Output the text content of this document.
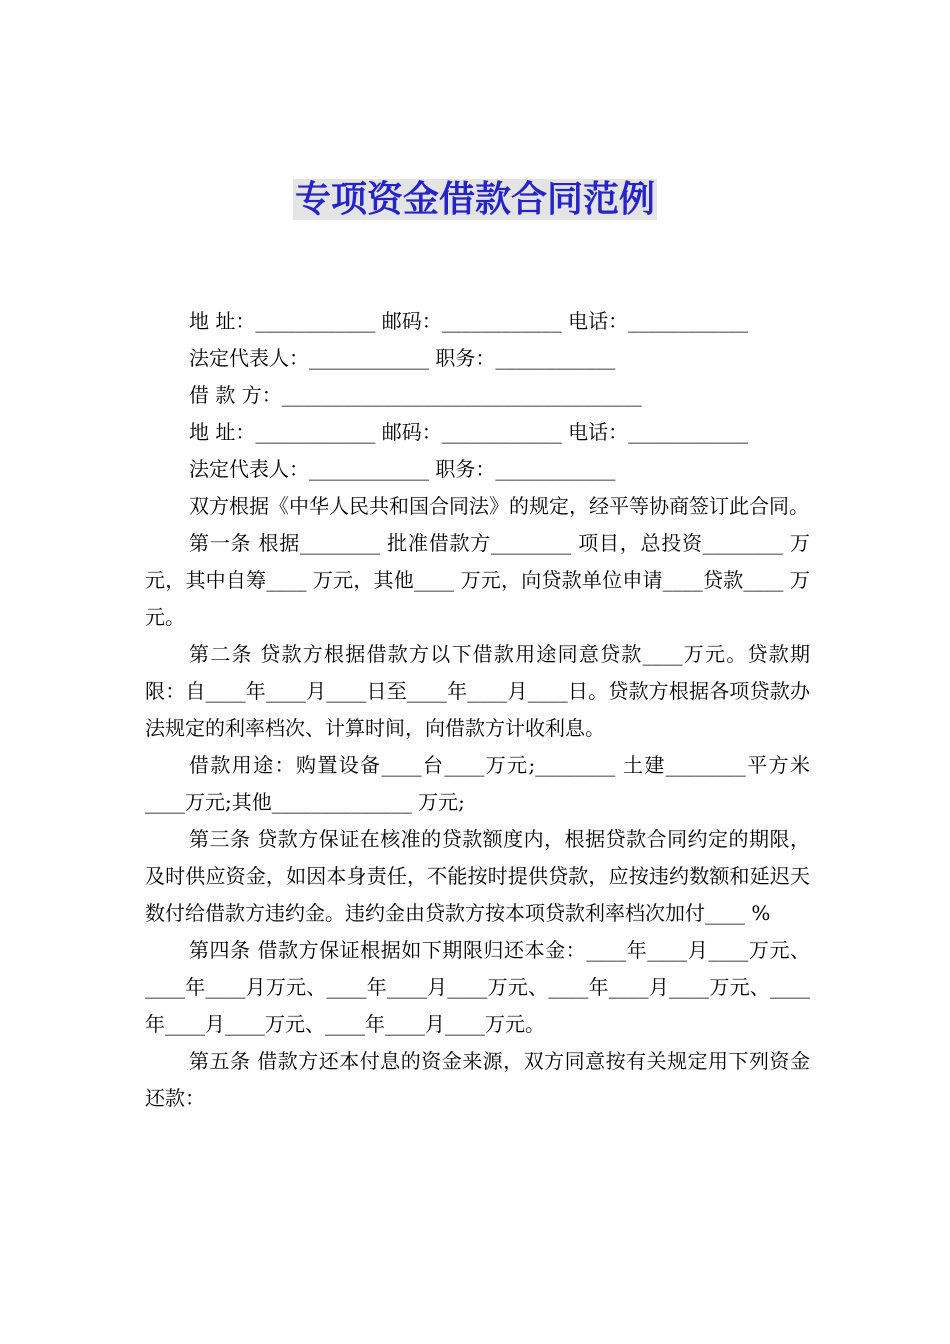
专项资金借款合同范例
地 址：____________ 邮码：____________ 电话：____________
法定代表人：____________ 职务：____________
借 款 方：____________________________________
地 址：____________ 邮码：____________ 电话：____________
法定代表人：____________ 职务：____________
双方根据《中华人民共和国合同法》的规定，经平等协商签订此合同。
第一条 根据________ 批准借款方________ 项目，总投资________ 万元，其中自筹____ 万元，其他____ 万元，向贷款单位申请____贷款____ 万元。
第二条 贷款方根据借款方以下借款用途同意贷款____万元。贷款期限：自____年____月____日至____年____月____日。贷款方根据各项贷款办法规定的利率档次、计算时间，向借款方计收利息。
借款用途：购置设备____台____万元;________ 土建________平方米____万元;其他______________ 万元;
第三条 贷款方保证在核准的贷款额度内，根据贷款合同约定的期限，及时供应资金，如因本身责任，不能按时提供贷款，应按违约数额和延迟天数付给借款方违约金。违约金由贷款方按本项贷款利率档次加付____ %
第四条 借款方保证根据如下期限归还本金：____年____月____万元、____年____月万元、____年____月____万元、____年____月____万元、____年____月____万元、____年____月____万元。
第五条 借款方还本付息的资金来源，双方同意按有关规定用下列资金还款：
